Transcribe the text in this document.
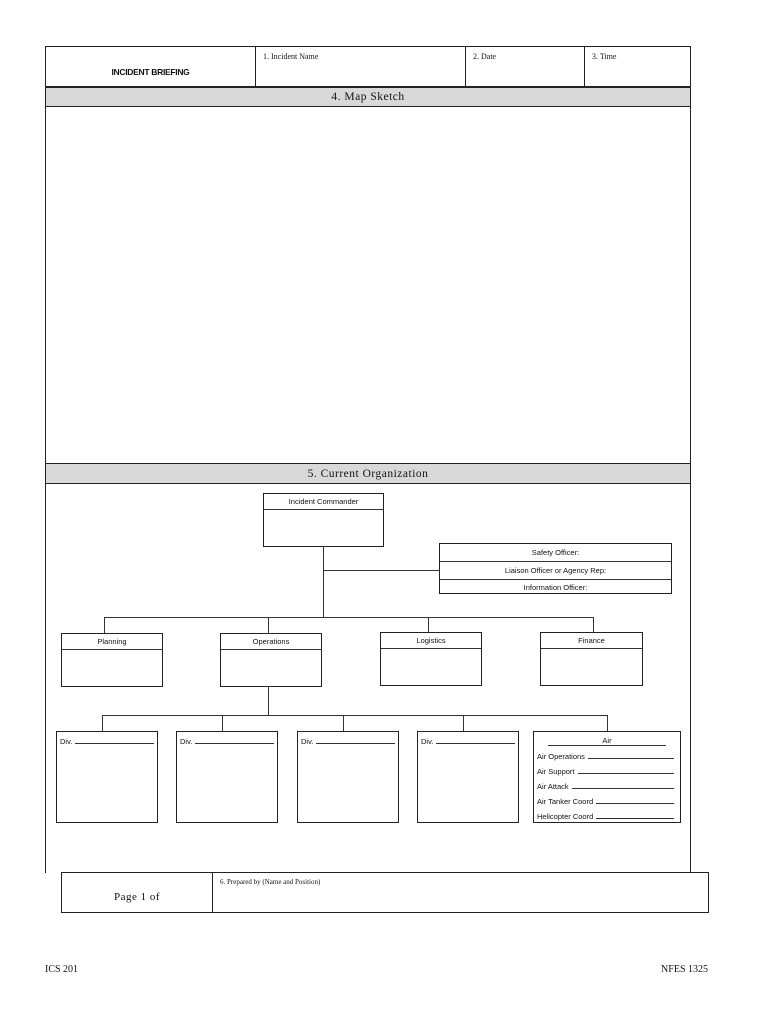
INCIDENT BRIEFING
1. Incident Name	2. Date	3. Time
4. Map Sketch
5. Current Organization
Incident Commander
Safety Officer:
Liaison Officer or Agency Rep:
Information Officer:
Planning	Operations	Logistics	Finance
Div.	Div.	Div.	Div.	Air
Air Operations
Air Support
Air Attack
Air Tanker Coord
Helicopter Coord
Page 1 of
6. Prepared by (Name and Position)
ICS 201	NFES 1325
